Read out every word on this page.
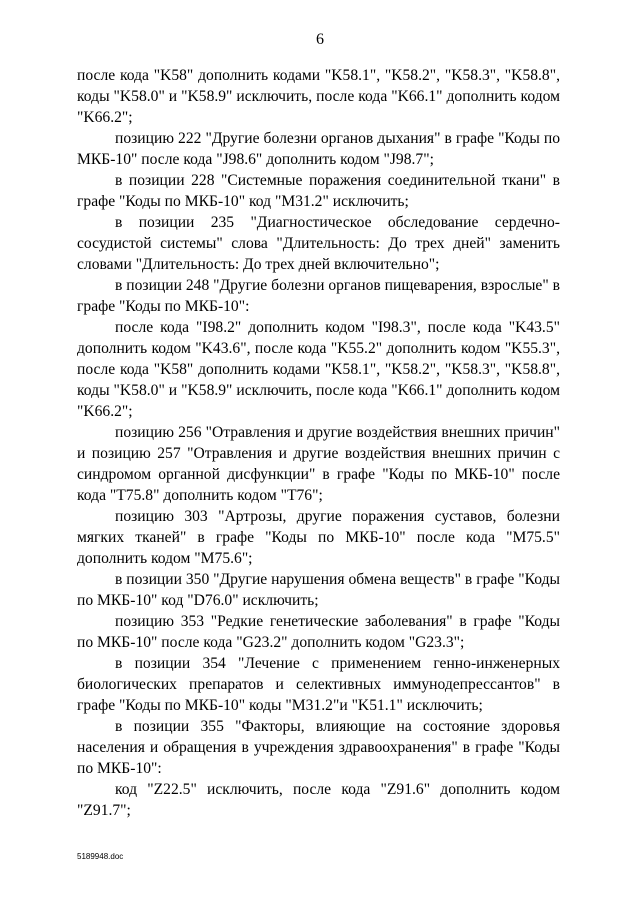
6

после кода "K58" дополнить кодами "K58.1", "K58.2", "K58.3", "K58.8", коды "K58.0" и "K58.9" исключить, после кода "K66.1" дополнить кодом "K66.2";

позицию 222 "Другие болезни органов дыхания" в графе "Коды по МКБ-10" после кода "J98.6" дополнить кодом "J98.7";

в позиции 228 "Системные поражения соединительной ткани" в графе "Коды по МКБ-10" код "M31.2" исключить;

в позиции 235 "Диагностическое обследование сердечно-сосудистой системы" слова "Длительность: До трех дней" заменить словами "Длительность: До трех дней включительно";

в позиции 248 "Другие болезни органов пищеварения, взрослые" в графе "Коды по МКБ-10":

после кода "I98.2" дополнить кодом "I98.3", после кода "K43.5" дополнить кодом "K43.6", после кода "K55.2" дополнить кодом "K55.3", после кода "K58" дополнить кодами "K58.1", "K58.2", "K58.3", "K58.8", коды "K58.0" и "K58.9" исключить, после кода "K66.1" дополнить кодом "K66.2";

позицию 256 "Отравления и другие воздействия внешних причин" и позицию 257 "Отравления и другие воздействия внешних причин с синдромом органной дисфункции" в графе "Коды по МКБ-10" после кода "T75.8" дополнить кодом "T76";

позицию 303 "Артрозы, другие поражения суставов, болезни мягких тканей" в графе "Коды по МКБ-10" после кода "M75.5" дополнить кодом "M75.6";

в позиции 350 "Другие нарушения обмена веществ" в графе "Коды по МКБ-10" код "D76.0" исключить;

позицию 353 "Редкие генетические заболевания" в графе "Коды по МКБ-10" после кода "G23.2" дополнить кодом "G23.3";

в позиции 354 "Лечение с применением генно-инженерных биологических препаратов и селективных иммунодепрессантов" в графе "Коды по МКБ-10" коды "M31.2"и "K51.1" исключить;

в позиции 355 "Факторы, влияющие на состояние здоровья населения и обращения в учреждения здравоохранения" в графе "Коды по МКБ-10":

код "Z22.5" исключить, после кода "Z91.6" дополнить кодом "Z91.7";

5189948.doc
